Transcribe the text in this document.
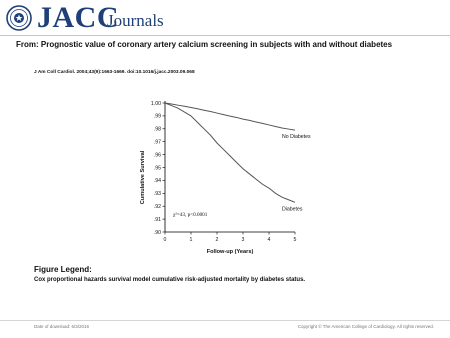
JACC
Journals
From: Prognostic value of coronary artery calcium screening in subjects with and without diabetes
J Am Coll Cardiol. 2004;43(9):1663-1669. doi:10.1016/j.jacc.2003.09.068
1.00
.99
.98
.97
.96
.95
.94
.93
.92
.91
.90
0	1	2	3	4	5
Follow-up (Years)
Cumulative Survival
No Diabetes
Diabetes
χ²=43, p<0.0001
Figure Legend:
Cox proportional hazards survival model cumulative risk-adjusted mortality by diabetes status.
Date of download: 6/3/2016	Copyright © The American College of Cardiology. All rights reserved.
